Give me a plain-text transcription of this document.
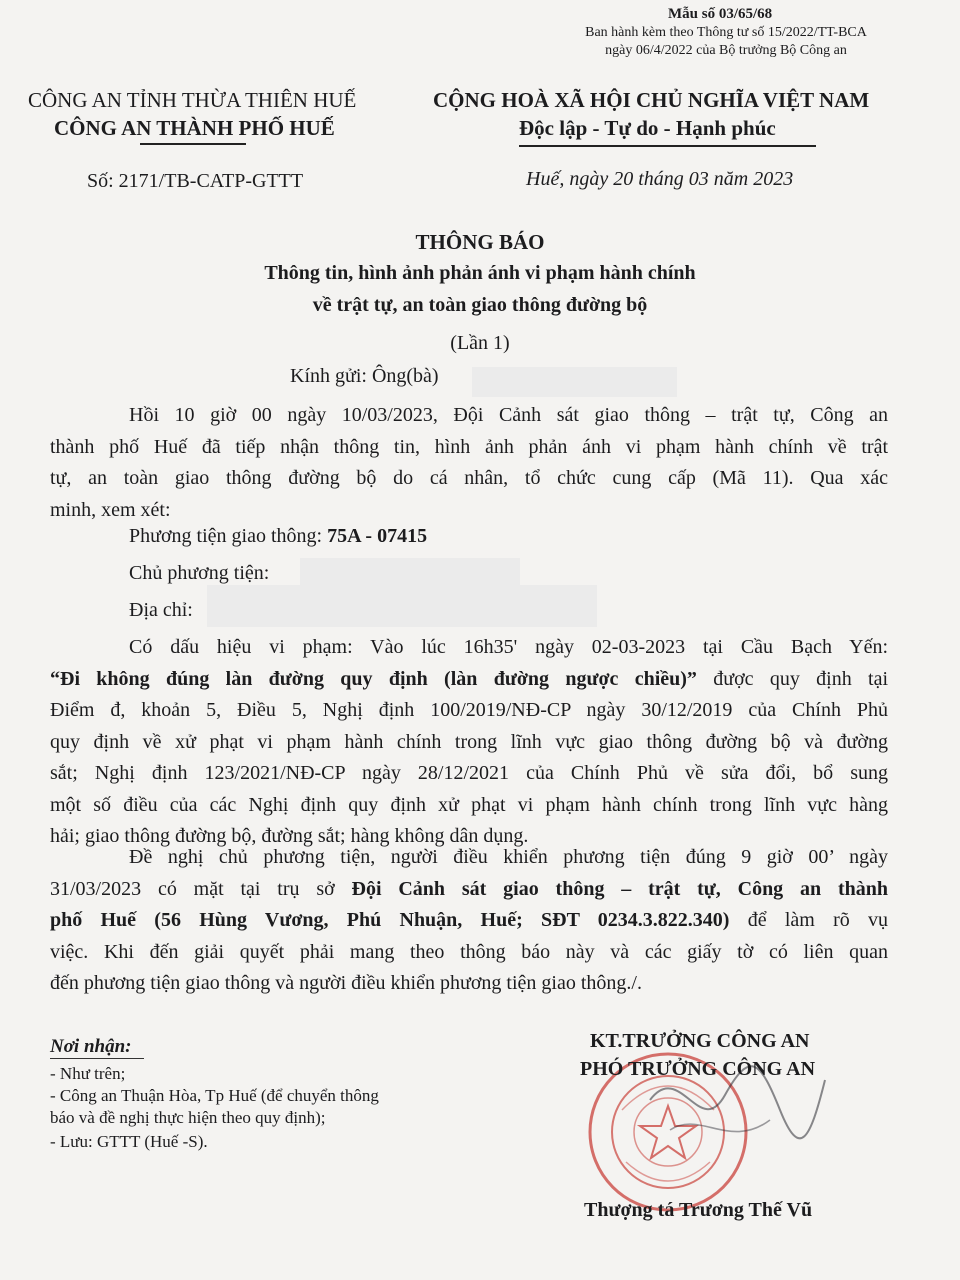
Mẫu số 03/65/68
Ban hành kèm theo Thông tư số 15/2022/TT-BCA
ngày 06/4/2022 của Bộ trưởng Bộ Công an
CÔNG AN TỈNH THỪA THIÊN HUẾ
CÔNG AN THÀNH PHỐ HUẾ
CỘNG HOÀ XÃ HỘI CHỦ NGHĨA VIỆT NAM
Độc lập - Tự do - Hạnh phúc
Số: 2171/TB-CATP-GTTT	Huế, ngày 20 tháng 03 năm 2023
THÔNG BÁO
Thông tin, hình ảnh phản ánh vi phạm hành chính
về trật tự, an toàn giao thông đường bộ
(Lần 1)
Kính gửi: Ông(bà)
Hồi 10 giờ 00 ngày 10/03/2023, Đội Cảnh sát giao thông – trật tự, Công an
thành phố Huế đã tiếp nhận thông tin, hình ảnh phản ánh vi phạm hành chính về trật
tự, an toàn giao thông đường bộ do cá nhân, tổ chức cung cấp (Mã 11). Qua xác
minh, xem xét:
Phương tiện giao thông: 75A - 07415
Chủ phương tiện:
Địa chỉ:
Có dấu hiệu vi phạm: Vào lúc 16h35' ngày 02-03-2023 tại Cầu Bạch Yến:
“Đi không đúng làn đường quy định (làn đường ngược chiều)” được quy định tại
Điểm đ, khoản 5, Điều 5, Nghị định 100/2019/NĐ-CP ngày 30/12/2019 của Chính Phủ
quy định về xử phạt vi phạm hành chính trong lĩnh vực giao thông đường bộ và đường
sắt; Nghị định 123/2021/NĐ-CP ngày 28/12/2021 của Chính Phủ về sửa đổi, bổ sung
một số điều của các Nghị định quy định xử phạt vi phạm hành chính trong lĩnh vực hàng
hải; giao thông đường bộ, đường sắt; hàng không dân dụng.
Đề nghị chủ phương tiện, người điều khiển phương tiện đúng 9 giờ 00’ ngày
31/03/2023 có mặt tại trụ sở Đội Cảnh sát giao thông – trật tự, Công an thành
phố Huế (56 Hùng Vương, Phú Nhuận, Huế; SĐT 0234.3.822.340) để làm rõ vụ
việc. Khi đến giải quyết phải mang theo thông báo này và các giấy tờ có liên quan
đến phương tiện giao thông và người điều khiển phương tiện giao thông./.
Nơi nhận:
- Như trên;
- Công an Thuận Hòa, Tp Huế (để chuyển thông
báo và đề nghị thực hiện theo quy định);
- Lưu: GTTT (Huế -S).
KT.TRƯỞNG CÔNG AN
PHÓ TRƯỞNG CÔNG AN
Thượng tá Trương Thế Vũ
